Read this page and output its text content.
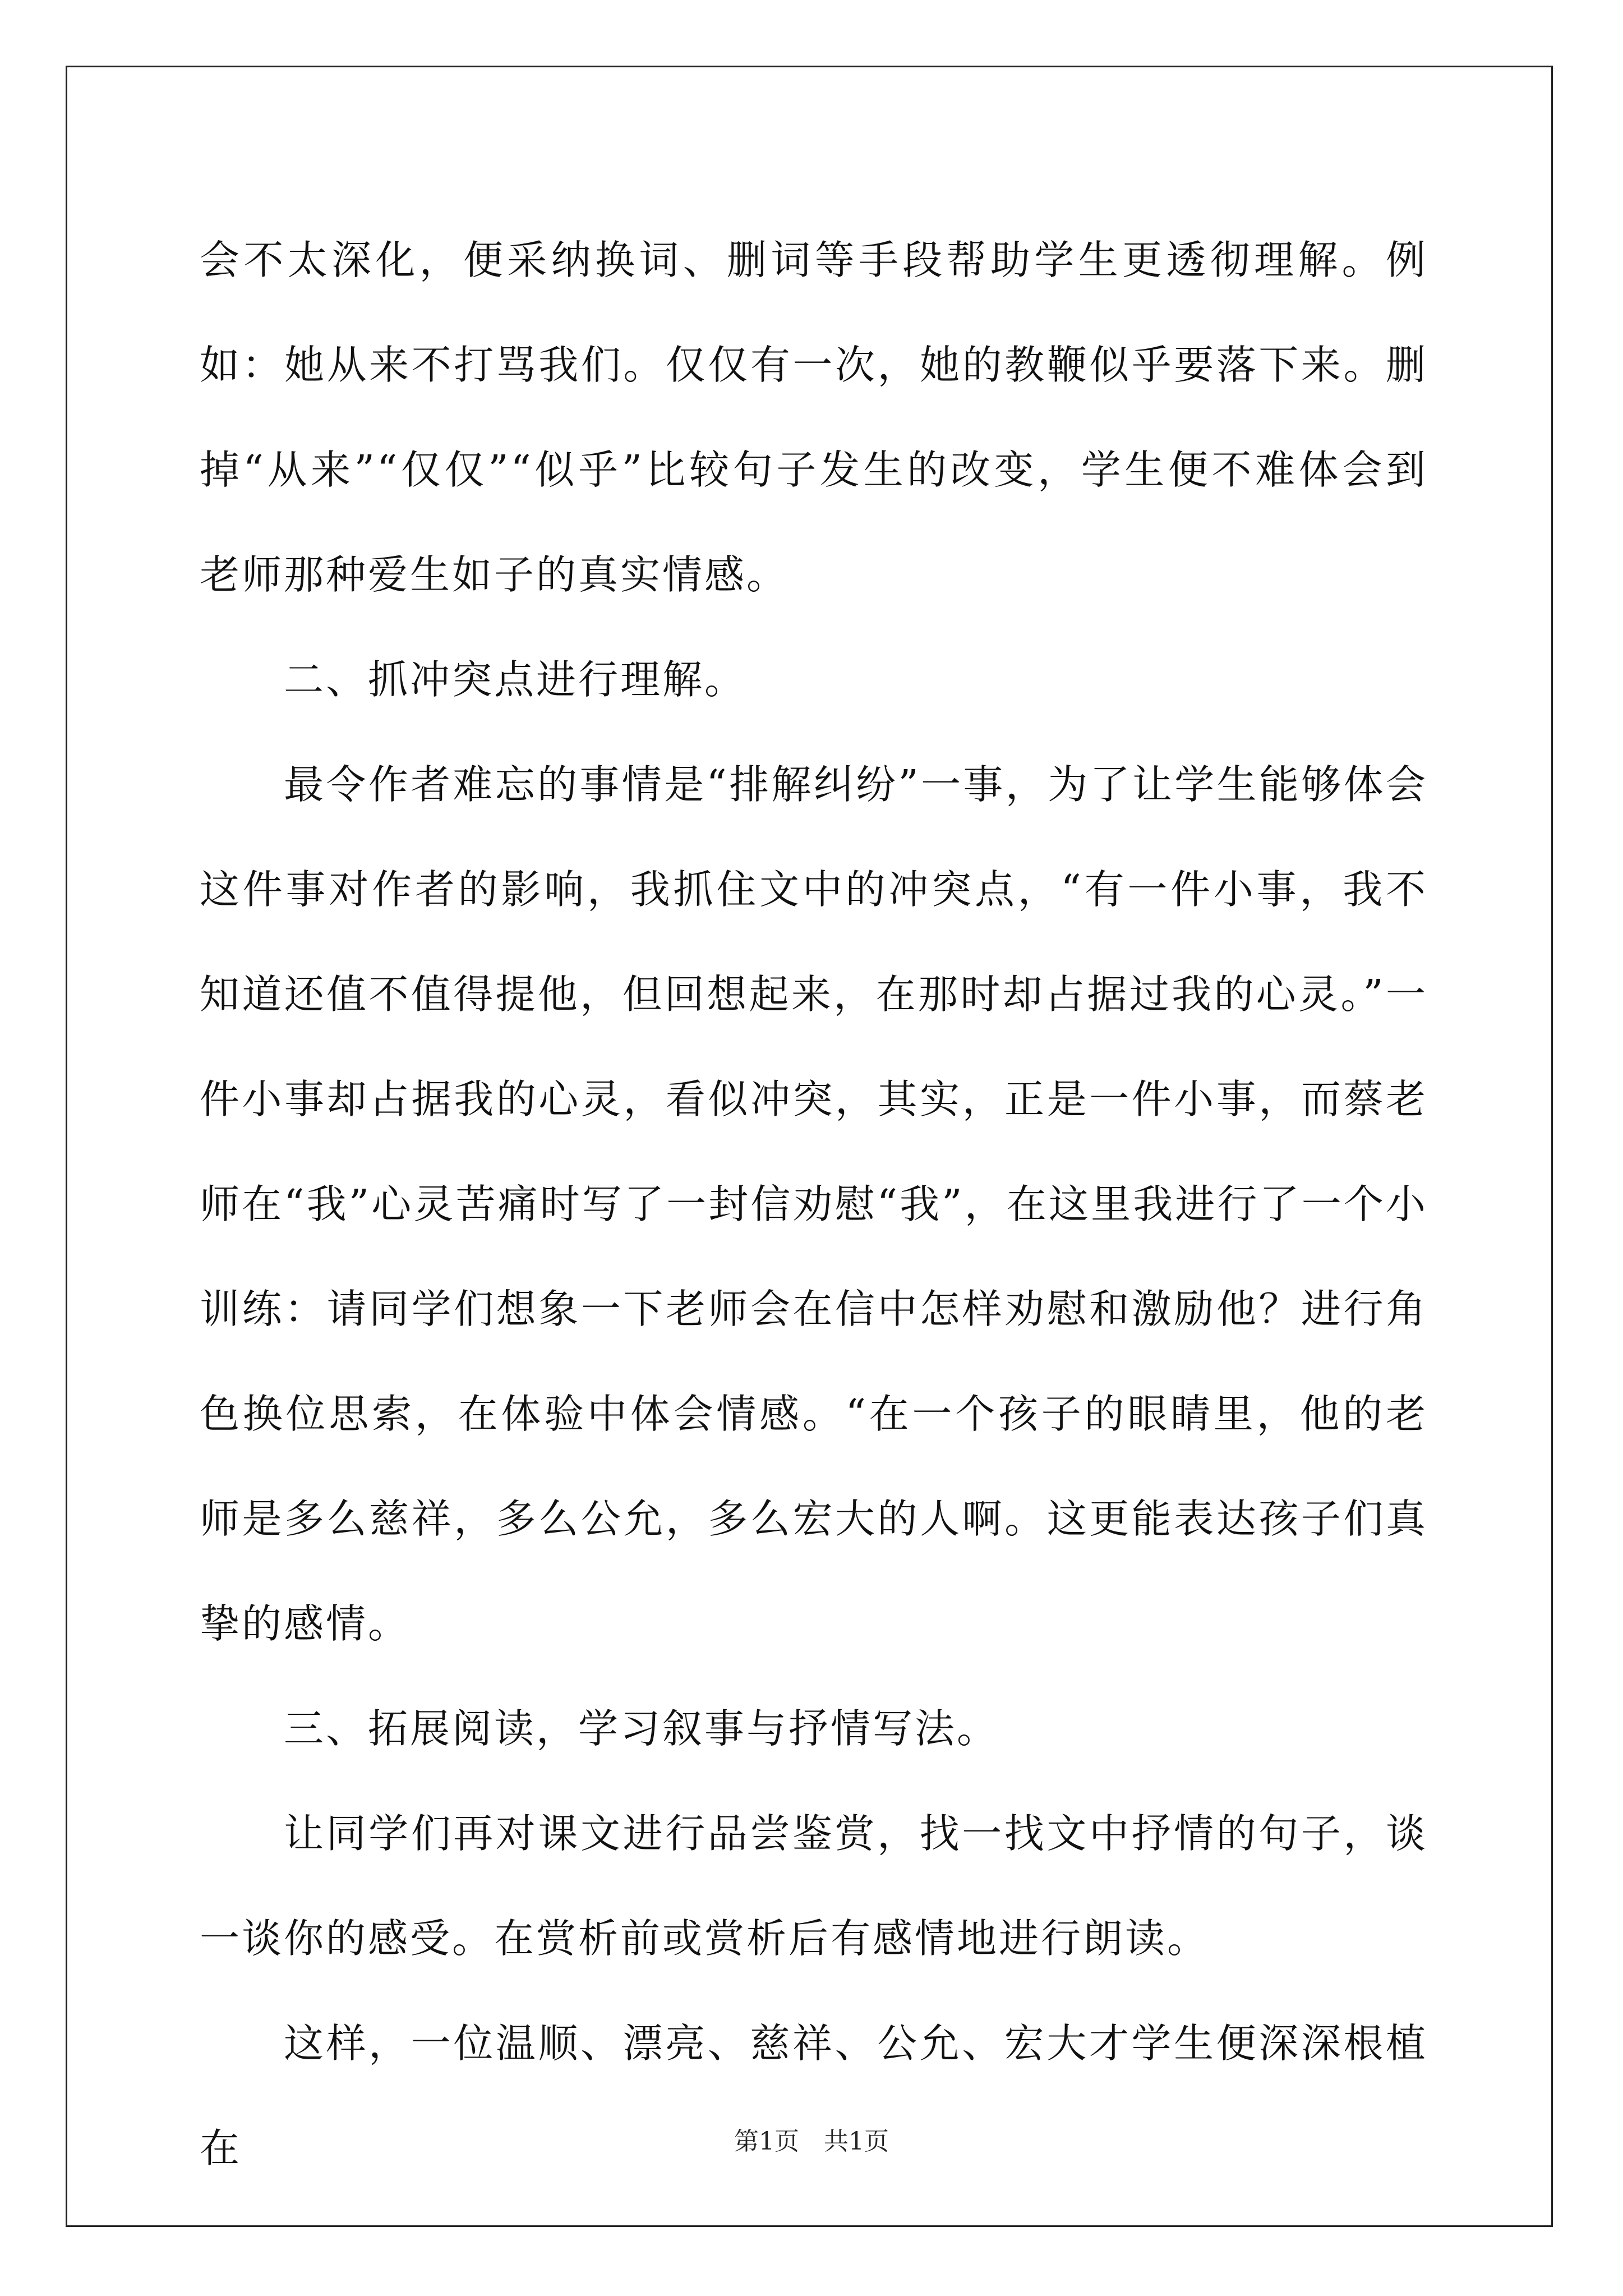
会不太深化，便采纳换词、删词等手段帮助学生更透彻理解。例如：她从来不打骂我们。仅仅有一次，她的教鞭似乎要落下来。删掉“从来”“仅仅”“似乎”比较句子发生的改变，学生便不难体会到老师那种爱生如子的真实情感。

二、抓冲突点进行理解。

最令作者难忘的事情是“排解纠纷”一事，为了让学生能够体会这件事对作者的影响，我抓住文中的冲突点，“有一件小事，我不知道还值不值得提他，但回想起来，在那时却占据过我的心灵。”一件小事却占据我的心灵，看似冲突，其实，正是一件小事，而蔡老师在“我”心灵苦痛时写了一封信劝慰“我”，在这里我进行了一个小训练：请同学们想象一下老师会在信中怎样劝慰和激励他？进行角色换位思索，在体验中体会情感。“在一个孩子的眼睛里，他的老师是多么慈祥，多么公允，多么宏大的人啊。这更能表达孩子们真挚的感情。

三、拓展阅读，学习叙事与抒情写法。

让同学们再对课文进行品尝鉴赏，找一找文中抒情的句子，谈一谈你的感受。在赏析前或赏析后有感情地进行朗读。

这样，一位温顺、漂亮、慈祥、公允、宏大才学生便深深根植在	第1页　共1页
